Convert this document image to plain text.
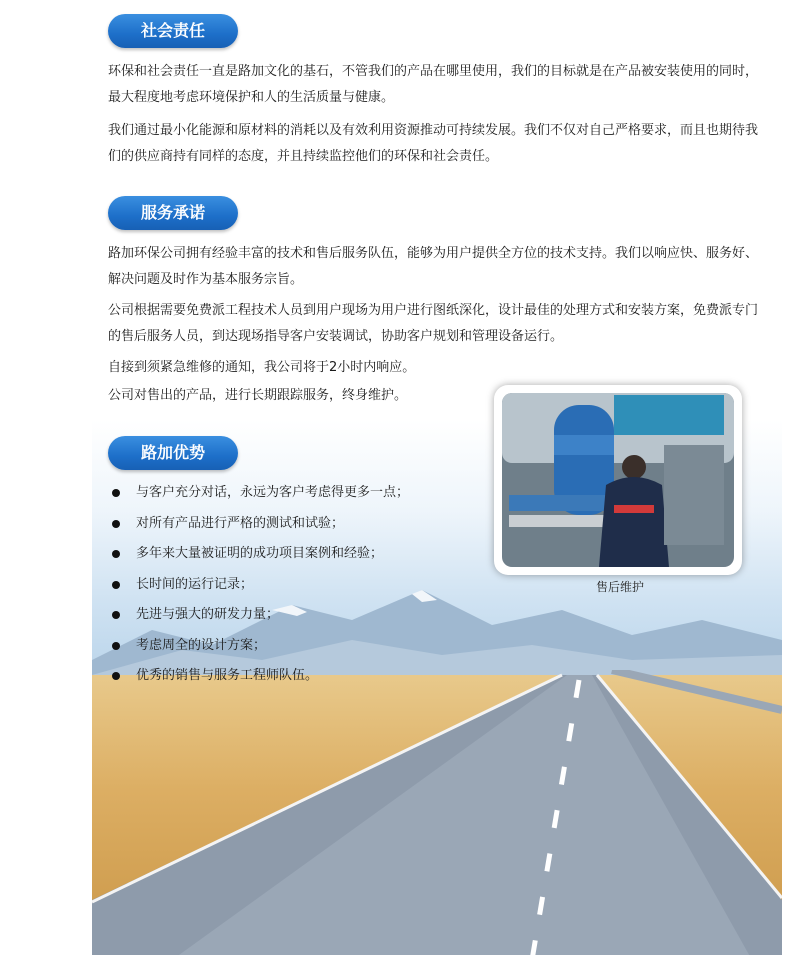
社会责任
环保和社会责任一直是路加文化的基石，不管我们的产品在哪里使用，我们的目标就是在产品被安装使用的同时，最大程度地考虑环境保护和人的生活质量与健康。
我们通过最小化能源和原材料的消耗以及有效利用资源推动可持续发展。我们不仅对自己严格要求，而且也期待我们的供应商持有同样的态度，并且持续监控他们的环保和社会责任。
服务承诺
路加环保公司拥有经验丰富的技术和售后服务队伍，能够为用户提供全方位的技术支持。我们以响应快、服务好、解决问题及时作为基本服务宗旨。
公司根据需要免费派工程技术人员到用户现场为用户进行图纸深化，设计最佳的处理方式和安装方案，免费派专门的售后服务人员，到达现场指导客户安装调试，协助客户规划和管理设备运行。
自接到须紧急维修的通知，我公司将于2小时内响应。
公司对售出的产品，进行长期跟踪服务，终身维护。
路加优势
与客户充分对话，永远为客户考虑得更多一点；
对所有产品进行严格的测试和试验；
多年来大量被证明的成功项目案例和经验；
长时间的运行记录；
先进与强大的研发力量；
考虑周全的设计方案；
优秀的销售与服务工程师队伍。
售后维护
